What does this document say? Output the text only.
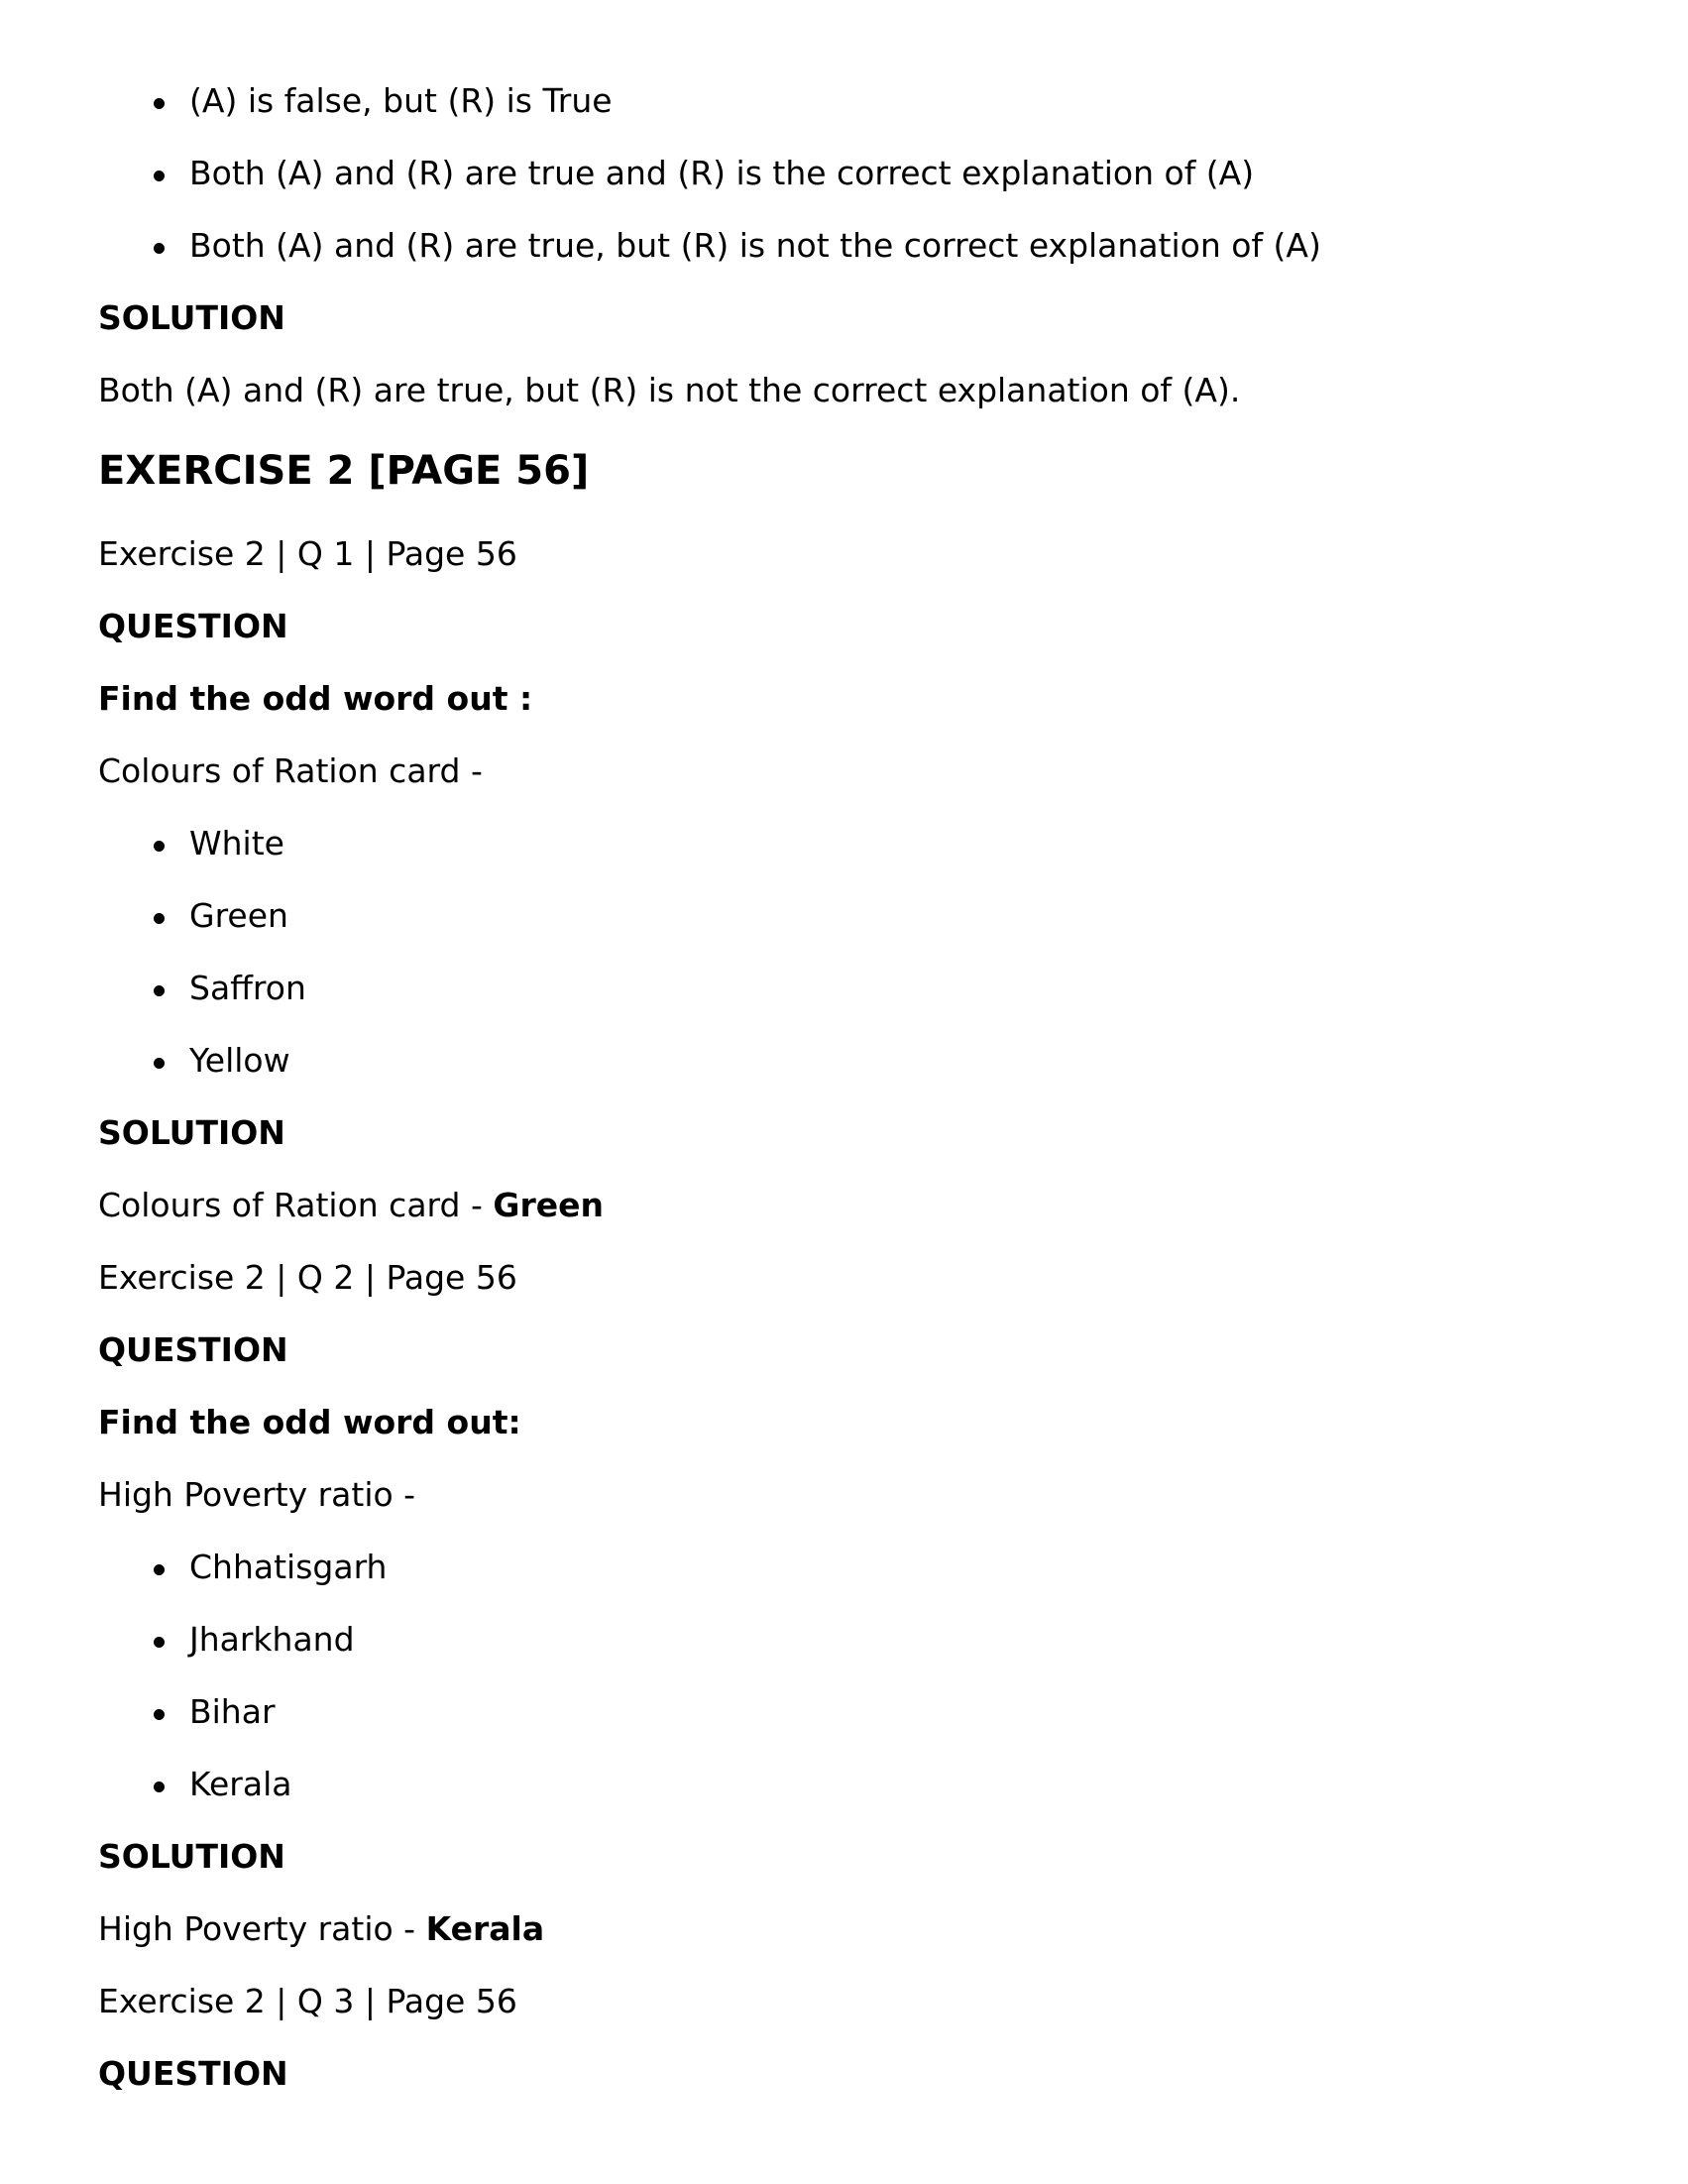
(A) is false, but (R) is True
Both (A) and (R) are true and (R) is the correct explanation of (A)
Both (A) and (R) are true, but (R) is not the correct explanation of (A)
SOLUTION
Both (A) and (R) are true, but (R) is not the correct explanation of (A).
EXERCISE 2 [PAGE 56]
Exercise 2 | Q 1 | Page 56
QUESTION
Find the odd word out :
Colours of Ration card -
White
Green
Saffron
Yellow
SOLUTION
Colours of Ration card - Green
Exercise 2 | Q 2 | Page 56
QUESTION
Find the odd word out:
High Poverty ratio -
Chhatisgarh
Jharkhand
Bihar
Kerala
SOLUTION
High Poverty ratio - Kerala
Exercise 2 | Q 3 | Page 56
QUESTION
